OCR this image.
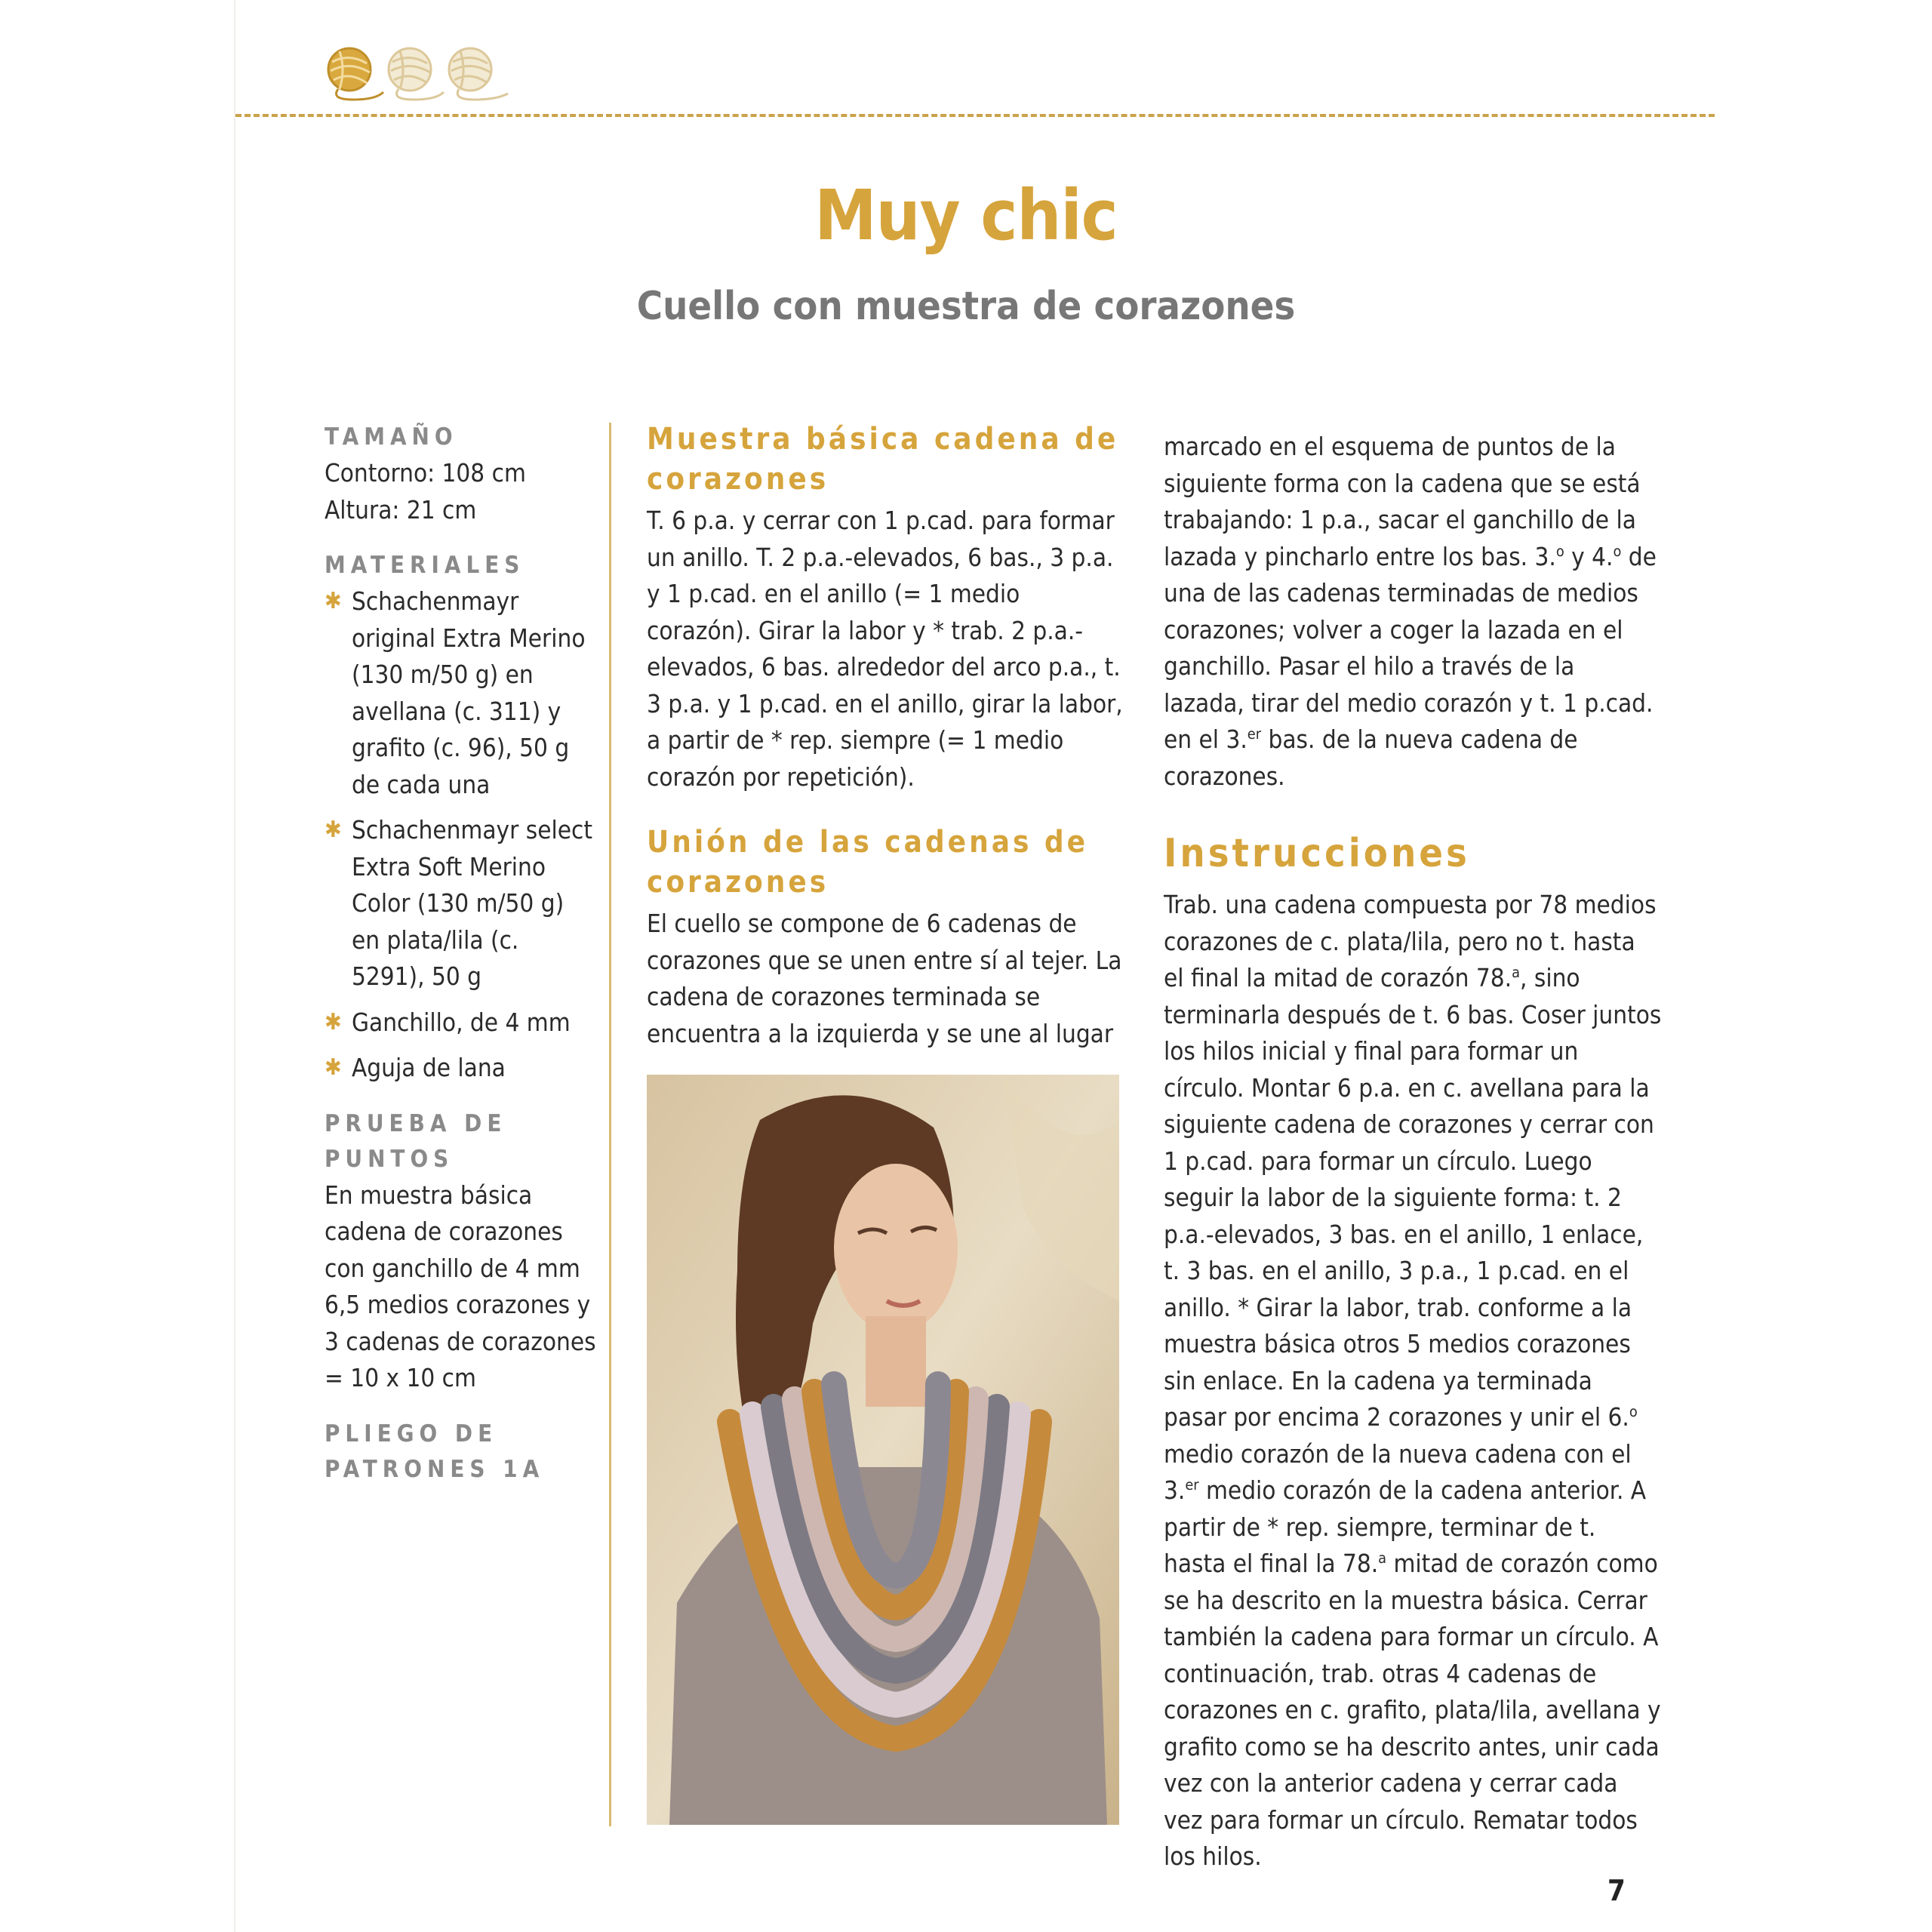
Muy chic
Cuello con muestra de corazones

TAMAÑO

Contorno: 108 cm

Altura: 21 cm

MATERIALES

✱ Schachenmayr original Extra Merino (130 m/50 g) en avellana (c. 311) y grafito (c. 96), 50 g de cada una
✱ Schachenmayr select Extra Soft Merino Color (130 m/50 g) en plata/lila (c. 5291), 50 g
✱ Ganchillo, de 4 mm
✱ Aguja de lana

PRUEBA DE PUNTOS

En muestra básica cadena de corazones con ganchillo de 4 mm 6,5 medios corazones y 3 cadenas de corazones = 10 x 10 cm

PLIEGO DE PATRONES 1A

Muestra básica cadena de corazones

T. 6 p.a. y cerrar con 1 p.cad. para formar un anillo. T. 2 p.a.-elevados, 6 bas., 3 p.a. y 1 p.cad. en el anillo (= 1 medio corazón). Girar la labor y * trab. 2 p.a.-elevados, 6 bas. alrededor del arco p.a., t. 3 p.a. y 1 p.cad. en el anillo, girar la labor, a partir de * rep. siempre (= 1 medio corazón por repetición).

Unión de las cadenas de corazones

El cuello se compone de 6 cadenas de corazones que se unen entre sí al tejer. La cadena de corazones terminada se encuentra a la izquierda y se une al lugar

marcado en el esquema de puntos de la siguiente forma con la cadena que se está trabajando: 1 p.a., sacar el ganchillo de la lazada y pincharlo entre los bas. 3.$^o$ y 4.$^o$ de una de las cadenas terminadas de medios corazones; volver a coger la lazada en el ganchillo. Pasar el hilo a través de la lazada, tirar del medio corazón y t. 1 p.cad. en el 3.$^{er}$ bas. de la nueva cadena de corazones.

Instrucciones

Trab. una cadena compuesta por 78 medios corazones de c. plata/lila, pero no t. hasta el final la mitad de corazón 78.$^a$, sino terminarla después de t. 6 bas. Coser juntos los hilos inicial y final para formar un círculo. Montar 6 p.a. en c. avellana para la siguiente cadena de corazones y cerrar con 1 p.cad. para formar un círculo. Luego seguir la labor de la siguiente forma: t. 2 p.a.-elevados, 3 bas. en el anillo, 1 enlace, t. 3 bas. en el anillo, 3 p.a., 1 p.cad. en el anillo. * Girar la labor, trab. conforme a la muestra básica otros 5 medios corazones sin enlace. En la cadena ya terminada pasar por encima 2 corazones y unir el 6.$^o$ medio corazón de la nueva cadena con el 3.$^{er}$ medio corazón de la cadena anterior. A partir de * rep. siempre, terminar de t. hasta el final la 78.$^a$ mitad de corazón como se ha descrito en la muestra básica. Cerrar también la cadena para formar un círculo. A continuación, trab. otras 4 cadenas de corazones en c. grafito, plata/lila, avellana y grafito como se ha descrito antes, unir cada vez con la anterior cadena y cerrar cada vez para formar un círculo. Rematar todos los hilos.

7
